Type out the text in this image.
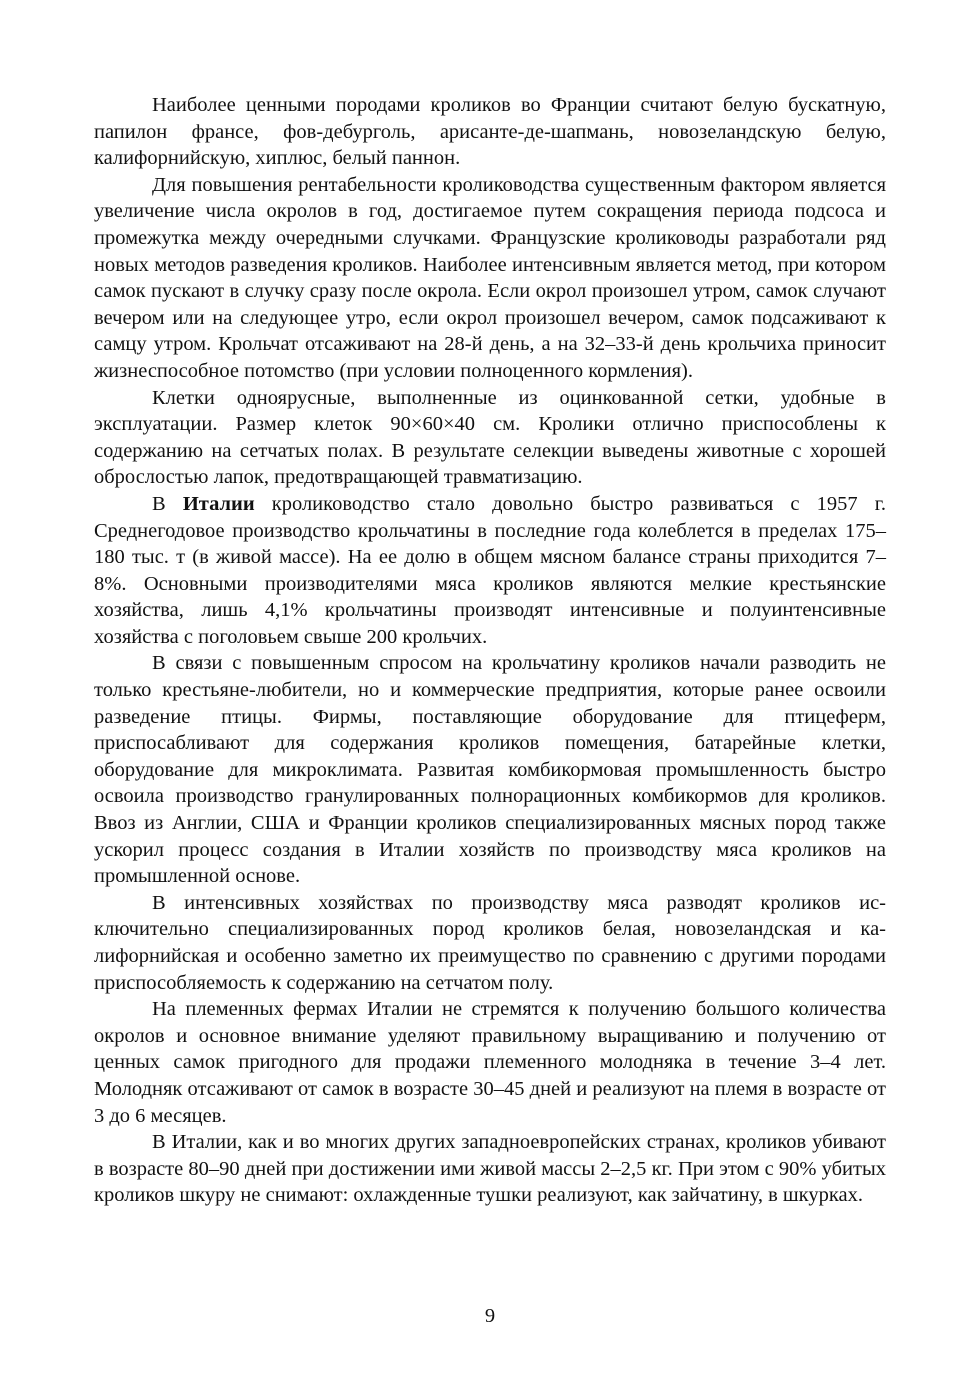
Наиболее ценными породами кроликов во Франции считают белую бускатную, папилон франсе, фов-дебурголь, арисанте-де-шапмань, новозеландскую белую, калифорнийскую, хиплюс, белый паннон.

Для повышения рентабельности кролиководства существенным фактором является увеличение числа окролов в год, достигаемое путем сокращения периода подсоса и промежутка между очередными случками. Французские кролиководы разработали ряд новых методов разведения кроликов. Наиболее интенсивным является метод, при котором самок пускают в случку сразу после окрола. Если окрол произошел утром, самок случают вечером или на следующее утро, если окрол произошел вечером, самок подсаживают к самцу утром. Крольчат отсаживают на 28-й день, а на 32–33-й день крольчиха приносит жизнеспособное потомство (при условии полноценного кормления).

Клетки одноярусные, выполненные из оцинкованной сетки, удобные в эксплуатации. Размер клеток 90×60×40 см. Кролики отлично приспособлены к содержанию на сетчатых полах. В результате селекции выведены животные с хорошей оброслостью лапок, предотвращающей травматизацию.

В Италии кролиководство стало довольно быстро развиваться с 1957 г. Среднегодовое производство крольчатины в последние года колеблется в пределах 175–180 тыс. т (в живой массе). На ее долю в общем мясном балансе страны приходится 7–8%. Основными производителями мяса кроликов являются мелкие крестьянские хозяйства, лишь 4,1% крольчатины производят интенсивные и полуинтенсивные хозяйства с поголовьем свыше 200 крольчих.

В связи с повышенным спросом на крольчатину кроликов начали разводить не только крестьяне-любители, но и коммерческие предприятия, которые ранее освоили разведение птицы. Фирмы, поставляющие оборудование для птицеферм, приспосабливают для содержания кроликов помещения, батарейные клетки, оборудование для микроклимата. Развитая комбикормовая промышленность быстро освоила производство гранулированных полнорационных комбикормов для кроликов. Ввоз из Англии, США и Франции кроликов специализированных мясных пород также ускорил процесс создания в Италии хозяйств по производству мяса кроликов на промышленной основе.

В интенсивных хозяйствах по производству мяса разводят кроликов исключительно специализированных пород кроликов белая, новозеландская и калифорнийская и особенно заметно их преимущество по сравнению с другими породами приспособляемость к содержанию на сетчатом полу.

На племенных фермах Италии не стремятся к получению большого количества окролов и основное внимание уделяют правильному выращиванию и получению от ценных самок пригодного для продажи племенного молодняка в течение 3–4 лет. Молодняк отсаживают от самок в возрасте 30–45 дней и реализуют на племя в возрасте от 3 до 6 месяцев.

В Италии, как и во многих других западноевропейских странах, кроликов убивают в возрасте 80–90 дней при достижении ими живой массы 2–2,5 кг. При этом с 90% убитых кроликов шкуру не снимают: охлажденные тушки реализуют, как зайчатину, в шкурках.

9
